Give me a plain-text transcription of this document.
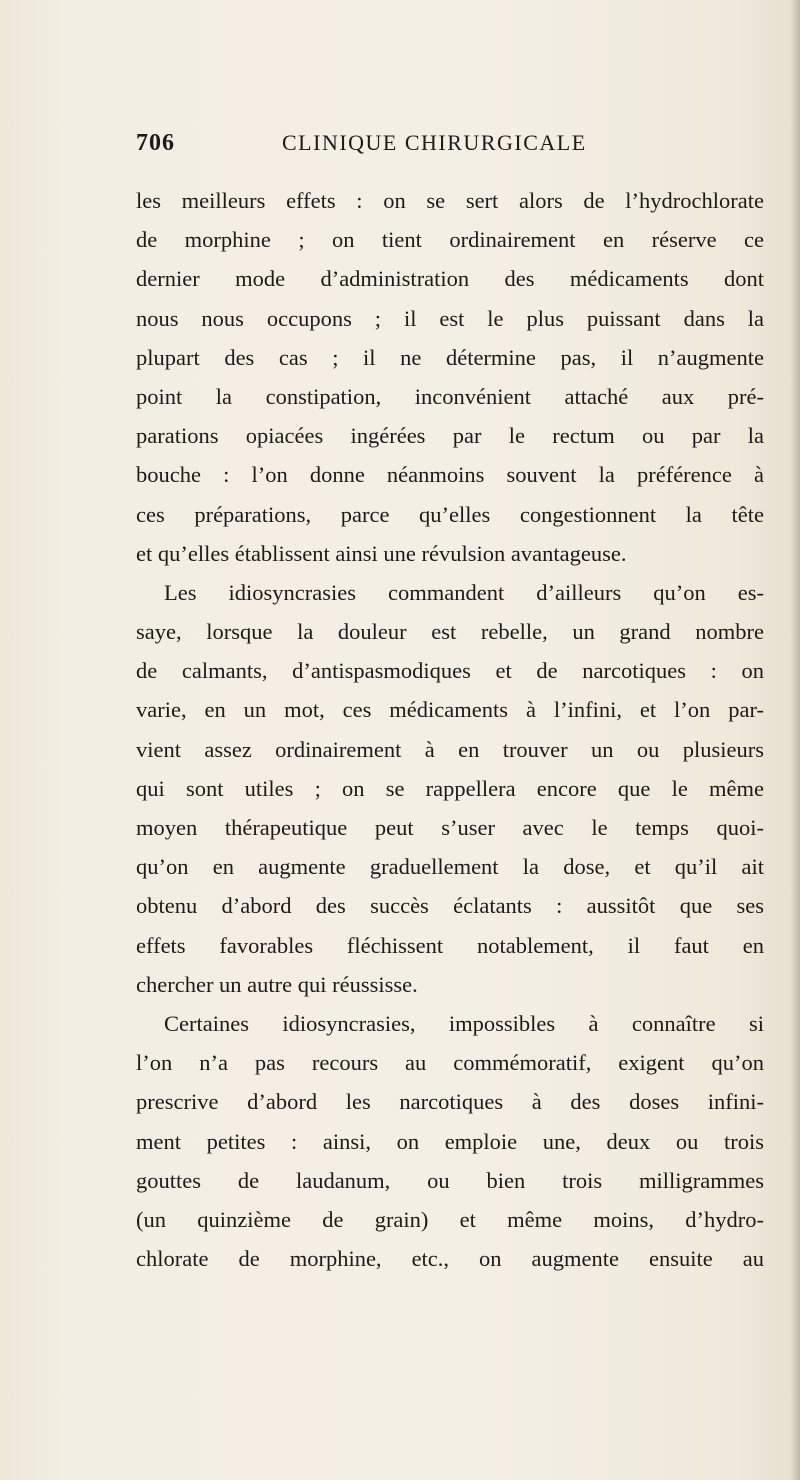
706	CLINIQUE CHIRURGICALE
les meilleurs effets : on se sert alors de l’hydrochlorate
de morphine ; on tient ordinairement en réserve ce
dernier mode d’administration des médicaments dont
nous nous occupons ; il est le plus puissant dans la
plupart des cas ; il ne détermine pas, il n’augmente
point la constipation, inconvénient attaché aux pré-
parations opiacées ingérées par le rectum ou par la
bouche : l’on donne néanmoins souvent la préférence à
ces préparations, parce qu’elles congestionnent la tête
et qu’elles établissent ainsi une révulsion avantageuse.
Les idiosyncrasies commandent d’ailleurs qu’on es-
saye, lorsque la douleur est rebelle, un grand nombre
de calmants, d’antispasmodiques et de narcotiques : on
varie, en un mot, ces médicaments à l’infini, et l’on par-
vient assez ordinairement à en trouver un ou plusieurs
qui sont utiles ; on se rappellera encore que le même
moyen thérapeutique peut s’user avec le temps quoi-
qu’on en augmente graduellement la dose, et qu’il ait
obtenu d’abord des succès éclatants : aussitôt que ses
effets favorables fléchissent notablement, il faut en
chercher un autre qui réussisse.
Certaines idiosyncrasies, impossibles à connaître si
l’on n’a pas recours au commémoratif, exigent qu’on
prescrive d’abord les narcotiques à des doses infini-
ment petites : ainsi, on emploie une, deux ou trois
gouttes de laudanum, ou bien trois milligrammes
(un quinzième de grain) et même moins, d’hydro-
chlorate de morphine, etc., on augmente ensuite au
